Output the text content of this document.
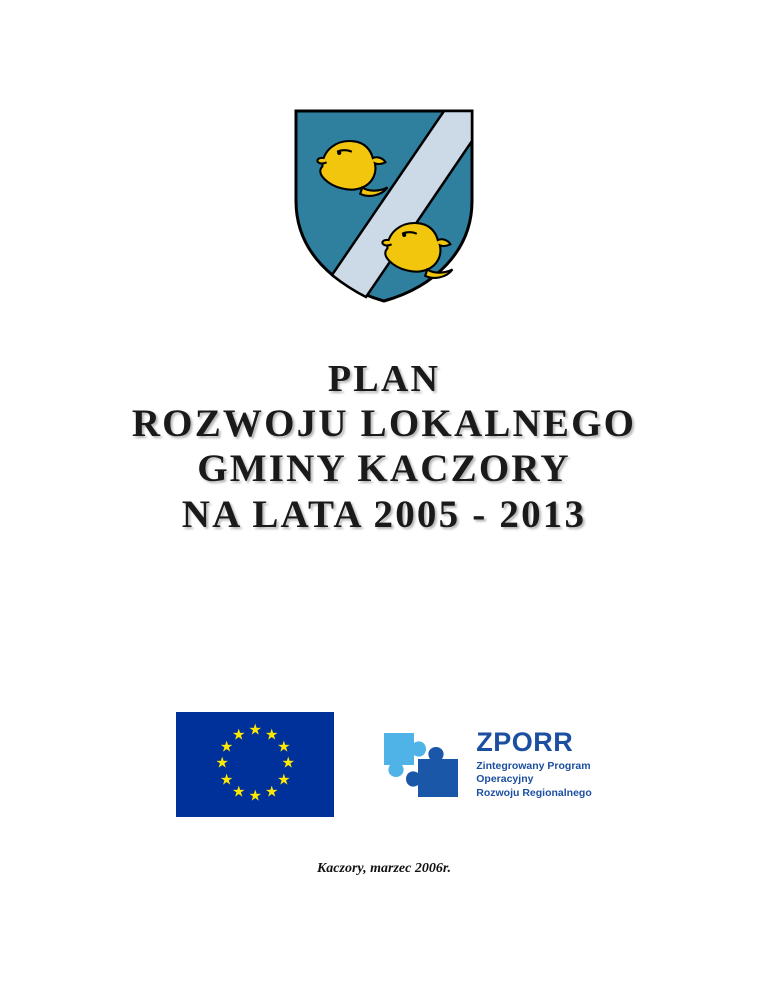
PLAN
ROZWOJU LOKALNEGO
GMINY KACZORY
NA LATA 2005 - 2013
★ ★
★
★
★
★
★
★
★
★
★
★	ZPORR
Zintegrowany Program
Operacyjny
Rozwoju Regionalnego
Kaczory, marzec 2006r.
